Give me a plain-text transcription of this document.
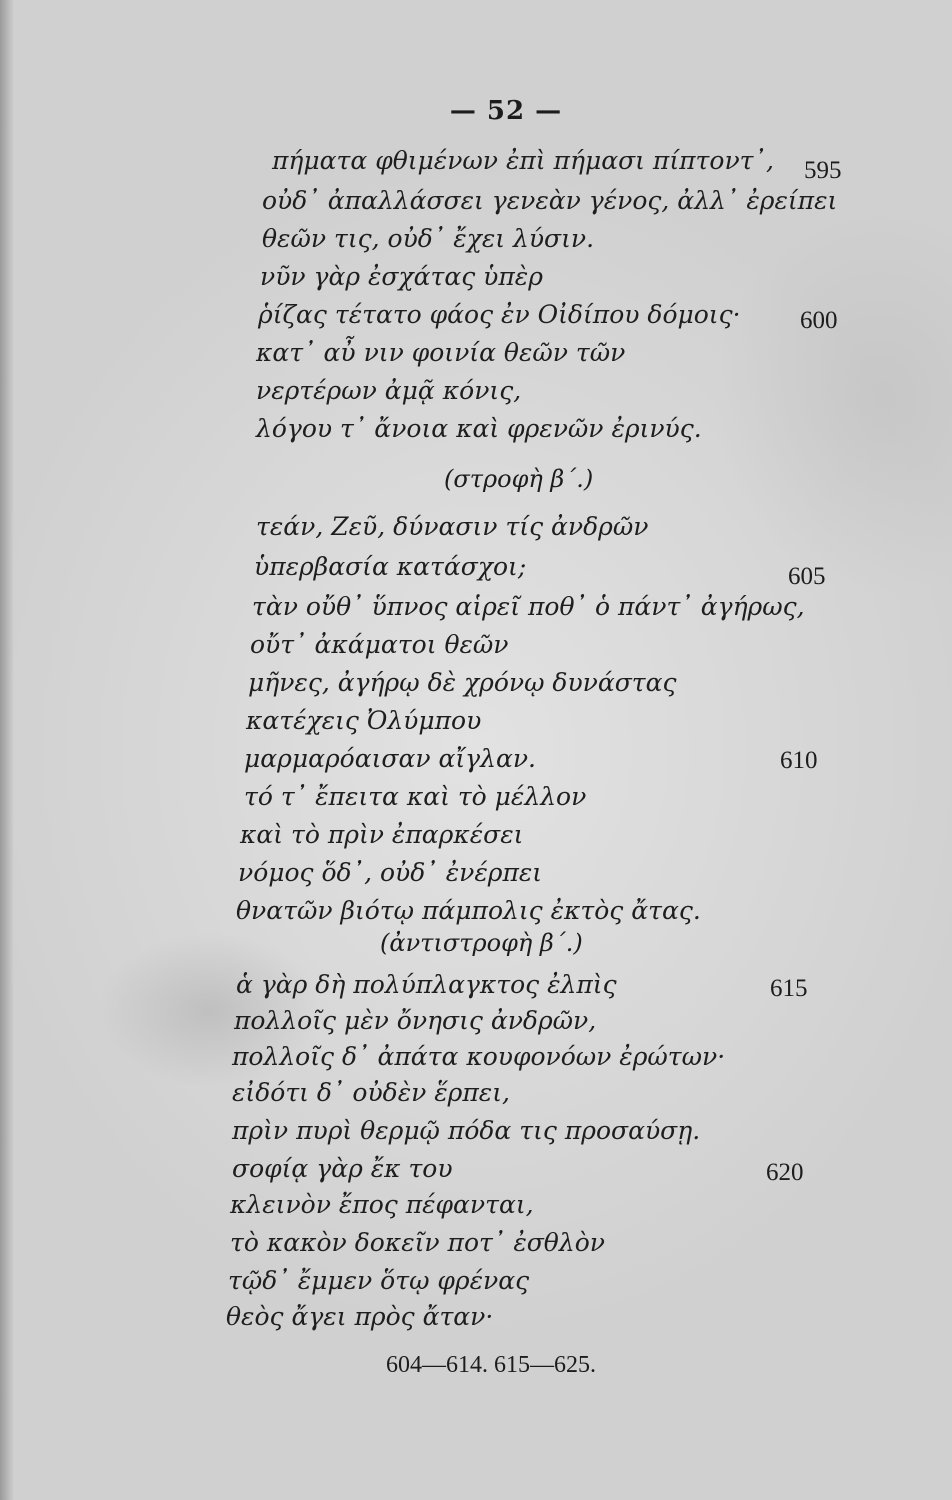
— 52 —
πήματα φθιμένων ἐπὶ πήμασι πίπτοντ᾽,
οὐδ᾽ ἀπαλλάσσει γενεὰν γένος, ἀλλ᾽ ἐρείπει
θεῶν τις, οὐδ᾽ ἔχει λύσιν.
νῦν γὰρ ἐσχάτας ὑπὲρ
ῥίζας τέτατο φάος ἐν Οἰδίπου δόμοις·
κατ᾽ αὖ νιν φοινία θεῶν τῶν
νερτέρων ἀμᾷ κόνις,
λόγου τ᾽ ἄνοια καὶ φρενῶν ἐρινύς.
(στροφὴ β΄.)
τεάν, Ζεῦ, δύνασιν τίς ἀνδρῶν
ὑπερβασία κατάσχοι;
τὰν οὔθ᾽ ὕπνος αἱρεῖ ποθ᾽ ὁ πάντ᾽ ἀγήρως,
οὔτ᾽ ἀκάματοι θεῶν
μῆνες, ἀγήρῳ δὲ χρόνῳ δυνάστας
κατέχεις Ὀλύμπου
μαρμαρόαισαν αἴγλαν.
τό τ᾽ ἔπειτα καὶ τὸ μέλλον
καὶ τὸ πρὶν ἐπαρκέσει
νόμος ὅδ᾽, οὐδ᾽ ἐνέρπει
θνατῶν βιότῳ πάμπολις ἐκτὸς ἄτας.
(ἀντιστροφὴ β΄.)
ἁ γὰρ δὴ πολύπλαγκτος ἐλπὶς
πολλοῖς μὲν ὄνησις ἀνδρῶν,
πολλοῖς δ᾽ ἀπάτα κουφονόων ἐρώτων·
εἰδότι δ᾽ οὐδὲν ἕρπει,
πρὶν πυρὶ θερμῷ πόδα τις προσαύσῃ.
σοφίᾳ γὰρ ἔκ του
κλεινὸν ἔπος πέφανται,
τὸ κακὸν δοκεῖν ποτ᾽ ἐσθλὸν
τῷδ᾽ ἔμμεν ὅτῳ φρένας
θεὸς ἄγει πρὸς ἄταν·
595
600
605
610
615
620
604—614. 615—625.
